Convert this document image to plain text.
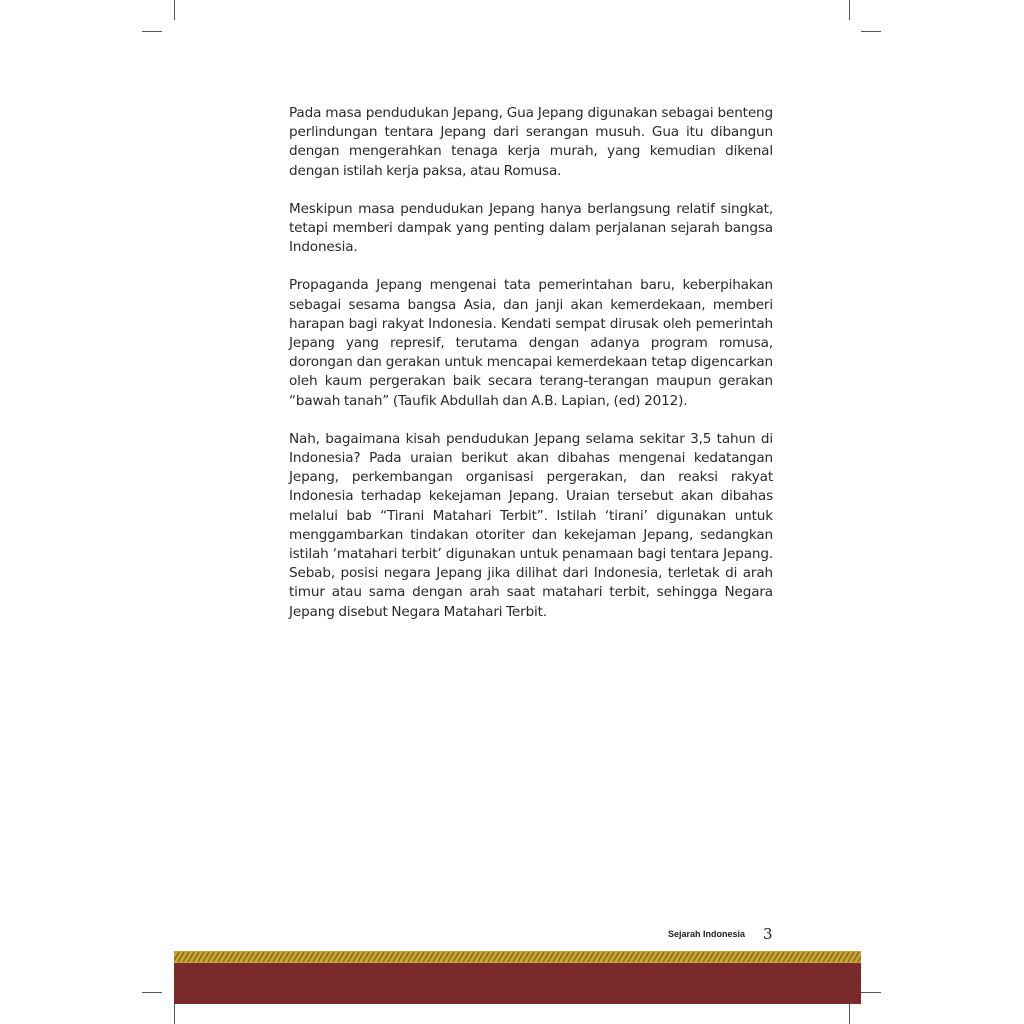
Pada masa pendudukan Jepang, Gua Jepang digunakan sebagai benteng perlindungan tentara Jepang dari serangan musuh. Gua itu dibangun dengan mengerahkan tenaga kerja murah, yang kemudian dikenal dengan istilah kerja paksa, atau Romusa.

Meskipun masa pendudukan Jepang hanya berlangsung relatif singkat, tetapi memberi dampak yang penting dalam perjalanan sejarah bangsa Indonesia.

Propaganda Jepang mengenai tata pemerintahan baru, keberpihakan sebagai sesama bangsa Asia, dan janji akan kemerdekaan, memberi harapan bagi rakyat Indonesia. Kendati sempat dirusak oleh pemerintah Jepang yang represif, terutama dengan adanya program romusa, dorongan dan gerakan untuk mencapai kemerdekaan tetap digencarkan oleh kaum pergerakan baik secara terang-terangan maupun gerakan “bawah tanah” (Taufik Abdullah dan A.B. Lapian, (ed) 2012).

Nah, bagaimana kisah pendudukan Jepang selama sekitar 3,5 tahun di Indonesia? Pada uraian berikut akan dibahas mengenai kedatangan Jepang, perkembangan organisasi pergerakan, dan reaksi rakyat Indonesia terhadap kekejaman Jepang. Uraian tersebut akan dibahas melalui bab “Tirani Matahari Terbit”. Istilah ‘tirani’ digunakan untuk menggambarkan tindakan otoriter dan kekejaman Jepang, sedangkan istilah ‘matahari terbit’ digunakan untuk penamaan bagi tentara Jepang. Sebab, posisi negara Jepang jika dilihat dari Indonesia, terletak di arah timur atau sama dengan arah saat matahari terbit, sehingga Negara Jepang disebut Negara Matahari Terbit.

Sejarah Indonesia 3
